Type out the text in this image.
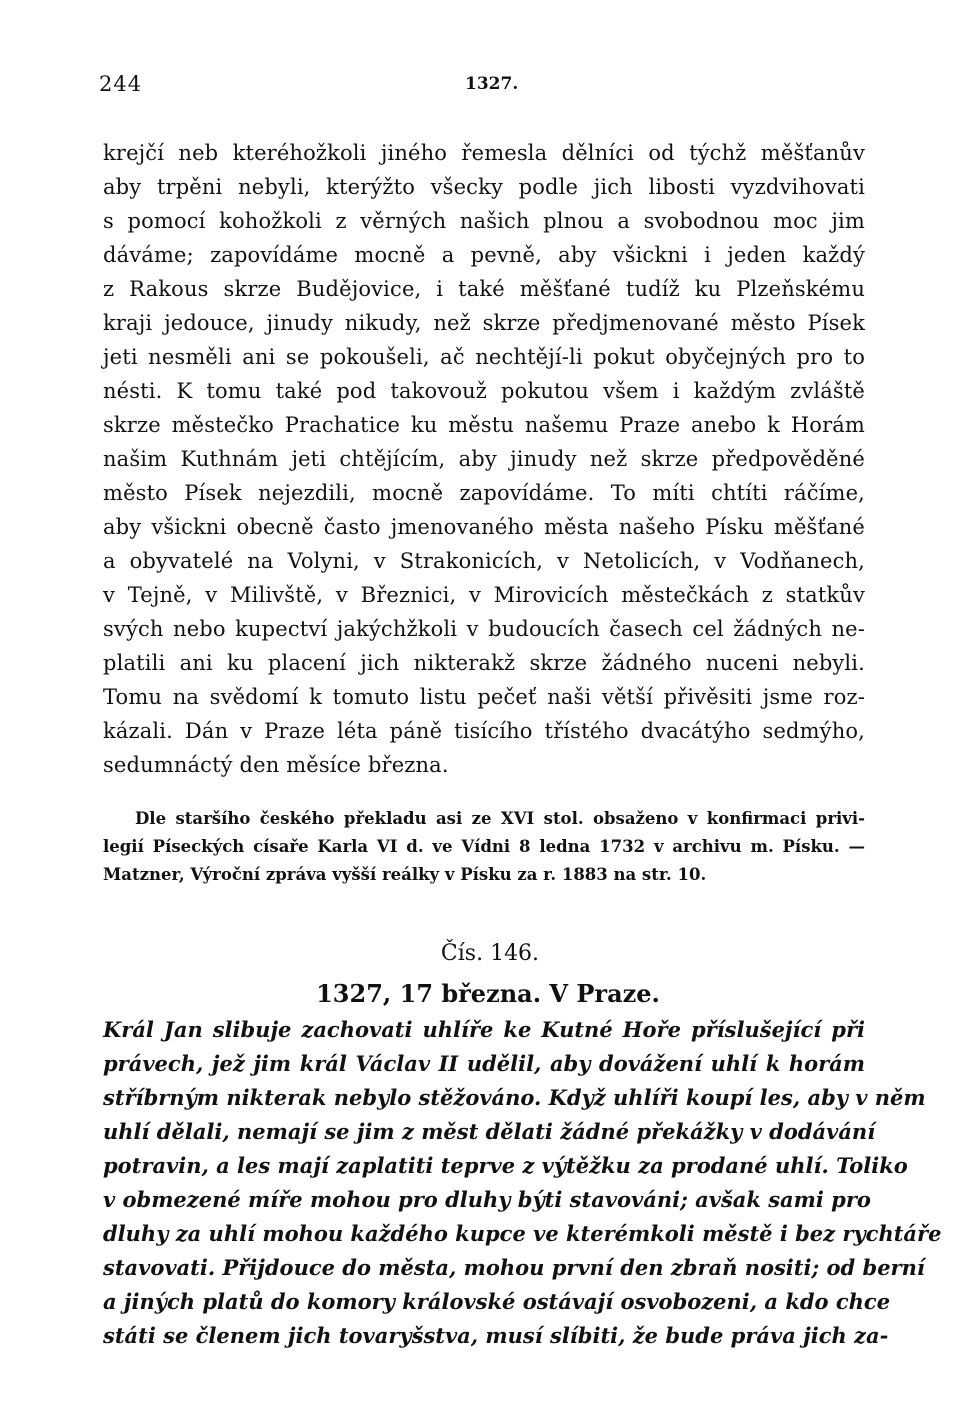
244	1327.
krejčí neb kteréhožkoli jiného řemesla dělníci od týchž měšťanův
aby trpěni nebyli, kterýžto všecky podle jich libosti vyzdvihovati
s pomocí kohožkoli z věrných našich plnou a svobodnou moc jim
dáváme; zapovídáme mocně a pevně, aby všickni i jeden každý
z Rakous skrze Budějovice, i také měšťané tudíž ku Plzeňskému
kraji jedouce, jinudy nikudy, než skrze předjmenované město Písek
jeti nesměli ani se pokoušeli, ač nechtějí-li pokut obyčejných pro to
nésti. K tomu také pod takovouž pokutou všem i každým zvláště
skrze městečko Prachatice ku městu našemu Praze anebo k Horám
našim Kuthnám jeti chtějícím, aby jinudy než skrze předpověděné
město Písek nejezdili, mocně zapovídáme. To míti chtíti ráčíme,
aby všickni obecně často jmenovaného města našeho Písku měšťané
a obyvatelé na Volyni, v Strakonicích, v Netolicích, v Vodňanech,
v Tejně, v Milivště, v Březnici, v Mirovicích městečkách z statkův
svých nebo kupectví jakýchžkoli v budoucích časech cel žádných ne-
platili ani ku placení jich nikterakž skrze žádného nuceni nebyli.
Tomu na svědomí k tomuto listu pečeť naši větší přivěsiti jsme roz-
kázali. Dán v Praze léta páně tisícího třístého dvacátýho sedmýho,
sedumnáctý den měsíce března.
Dle staršího českého překladu asi ze XVI stol. obsaženo v konfirmaci privi-
legií Píseckých císaře Karla VI d. ve Vídni 8 ledna 1732 v archivu m. Písku. —
Matzner, Výroční zpráva vyšší reálky v Písku za r. 1883 na str. 10.
Čís. 146.
1327, 17 března. V Praze.
Král Jan slibuje zachovati uhlíře ke Kutné Hoře příslušející při
právech, jež jim král Václav II udělil, aby dovážení uhlí k horám
stříbrným nikterak nebylo stěžováno. Když uhlíři koupí les, aby v něm
uhlí dělali, nemají se jim z měst dělati žádné překážky v dodávání
potravin, a les mají zaplatiti teprve z výtěžku za prodané uhlí. Toliko
v obmezené míře mohou pro dluhy býti stavováni; avšak sami pro
dluhy za uhlí mohou každého kupce ve kterémkoli městě i bez rychtáře
stavovati. Přijdouce do města, mohou první den zbraň nositi; od berní
a jiných platů do komory královské ostávají osvobozeni, a kdo chce
státi se členem jich tovaryšstva, musí slíbiti, že bude práva jich za-
